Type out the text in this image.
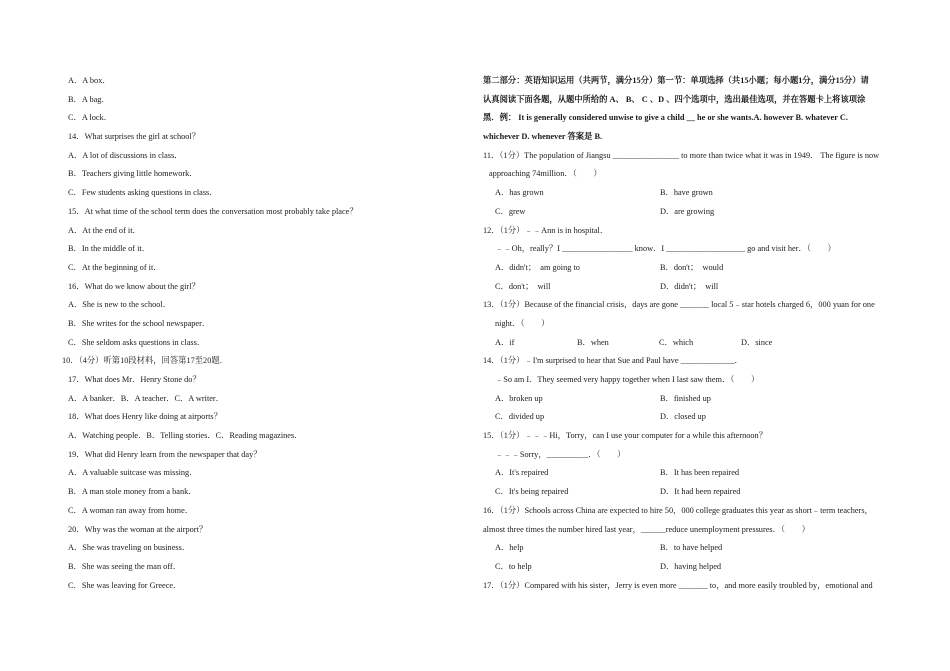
A．A box．
B．A bag．
C．A lock．
14．What surprises the girl at school？
A．A lot of discussions in class．
B．Teachers giving little homework．
C．Few students asking questions in class．
15．At what time of the school term does the conversation most probably take place？
A．At the end of it．
B．In the middle of it．
C．At the beginning of it．
16．What do we know about the girl？
A．She is new to the school．
B．She writes for the school newspaper．
C．She seldom asks questions in class．
10．（4分）听第10段材料，回答第17至20题．
17．What does Mr．Henry Stone do？
A．A banker．B．A teacher．C．A writer．
18．What does Henry like doing at airports？
A．Watching people．B．Telling stories．C．Reading magazines．
19．What did Henry learn from the newspaper that day？
A．A valuable suitcase was missing．
B．A man stole money from a bank．
C．A woman ran away from home．
20．Why was the woman at the airport？
A．She was traveling on business．
B．She was seeing the man off．
C．She was leaving for Greece．
第二部分：英语知识运用（共两节，满分15分）第一节：单项选择（共15小题；每小题1分，满分15分）请
认真阅读下面各题，从题中所给的 A、 B、 C 、D 、四个选项中，选出最佳选项，并在答题卡上将该项涂
黑．例： It is generally considered unwise to give a child __ he or she wants.A. however B. whatever C.
whichever D. whenever 答案是 B.
11．（1分）The population of Jiangsu ________________ to more than twice what it was in 1949． The figure is now
approaching 74million．（　　）
A．has grown	B．have grown
C．grew	D．are growing
12．（1分）﹣﹣Ann is in hospital．
﹣﹣Oh，really？I _________________ know．I ___________________ go and visit her．（　　）
A．didn't；　am going to	B．don't；　would
C．don't；　will	D．didn't；　will
13．（1分）Because of the financial crisis，days are gone _______ local 5﹣star hotels charged 6，000 yuan for one
night．（　　）
A．if	B．when	C．which	D．since
14．（1分）﹣I'm surprised to hear that Sue and Paul have _____________．
﹣So am I．They seemed very happy together when I last saw them．（　　）
A．broken up	B．finished up
C．divided up	D．closed up
15．（1分）﹣﹣﹣Hi，Torry，can I use your computer for a while this afternoon？
﹣﹣﹣Sorry，__________．（　　）
A．It's repaired	B．It has been repaired
C．It's being repaired	D．It had been repaired
16．（1分）Schools across China are expected to hire 50，000 college graduates this year as short﹣term teachers，
almost three times the number hired last year，______reduce unemployment pressures．（　　）
A．help	B．to have helped
C．to help	D．having helped
17．（1分）Compared with his sister，Jerry is even more _______ to，and more easily troubled by，emotional and
